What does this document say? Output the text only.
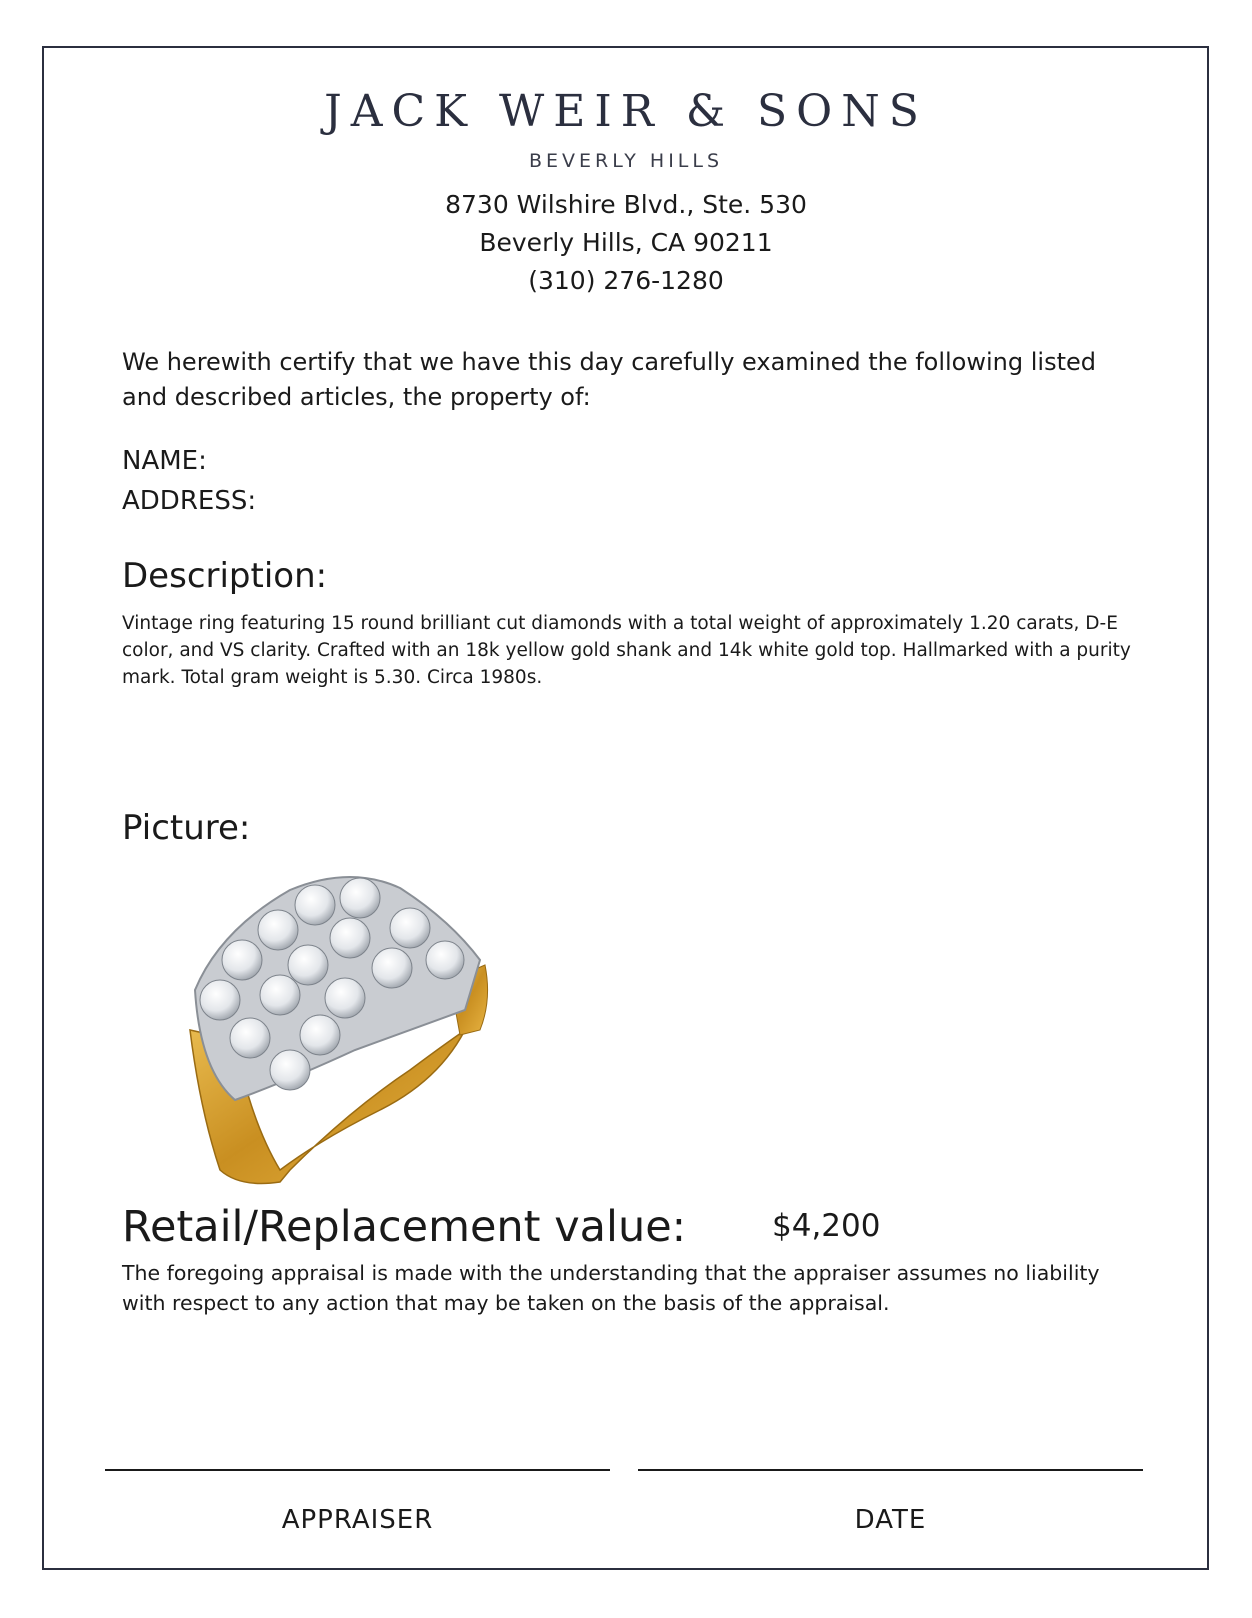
JACK WEIR & SONS
BEVERLY HILLS
8730 Wilshire Blvd., Ste. 530
Beverly Hills, CA 90211
(310) 276-1280
We herewith certify that we have this day carefully examined the following listed and described articles, the property of:
NAME:
ADDRESS:
Description:
Vintage ring featuring 15 round brilliant cut diamonds with a total weight of approximately 1.20 carats, D-E color, and VS clarity. Crafted with an 18k yellow gold shank and 14k white gold top. Hallmarked with a purity mark. Total gram weight is 5.30. Circa 1980s.
Picture:
Retail/Replacement value:	$4,200
The foregoing appraisal is made with the understanding that the appraiser assumes no liability with respect to any action that may be taken on the basis of the appraisal.
APPRAISER	DATE
